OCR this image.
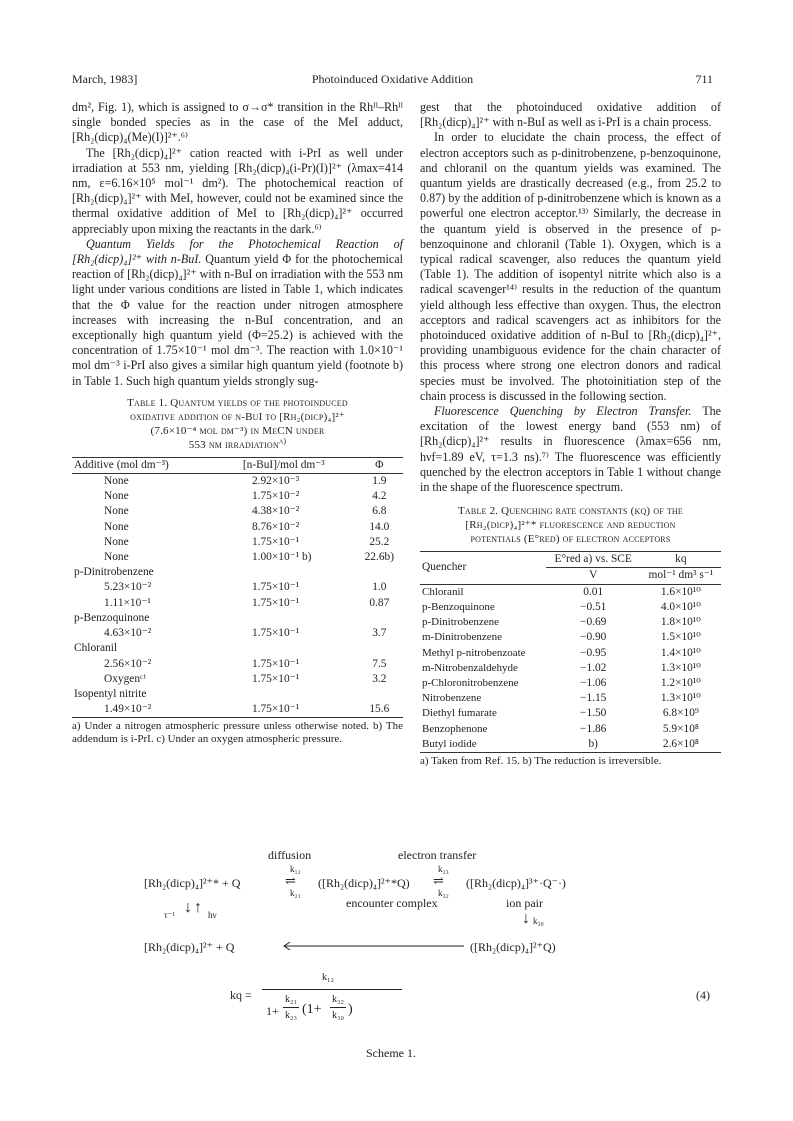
March, 1983]	Photoinduced Oxidative Addition	711

dm², Fig. 1), which is assigned to σ→σ* transition in the Rhᴵᴵ–Rhᴵᴵ single bonded species as in the case of the MeI adduct, [Rh₂(dicp)₄(Me)(I)]²⁺.⁶⁾

The [Rh₂(dicp)₄]²⁺ cation reacted with i-PrI as well under irradiation at 553 nm, yielding [Rh₂(dicp)₄(i-Pr)(I)]²⁺ (λmax=414 nm, ε=6.16×10⁵ mol⁻¹ dm²). The photochemical reaction of [Rh₂(dicp)₄]²⁺ with MeI, however, could not be examined since the thermal oxidative addition of MeI to [Rh₂(dicp)₄]²⁺ occurred appreciably upon mixing the reactants in the dark.⁶⁾

Quantum Yields for the Photochemical Reaction of [Rh₂(dicp)₄]²⁺ with n-BuI. Quantum yield Φ for the photochemical reaction of [Rh₂(dicp)₄]²⁺ with n-BuI on irradiation with the 553 nm light under various conditions are listed in Table 1, which indicates that the Φ value for the reaction under nitrogen atmosphere increases with increasing the n-BuI concentration, and an exceptionally high quantum yield (Φ=25.2) is achieved with the concentration of 1.75×10⁻¹ mol dm⁻³. The reaction with 1.0×10⁻¹ mol dm⁻³ i-PrI also gives a similar high quantum yield (footnote b) in Table 1. Such high quantum yields strongly sug-

Table 1. Quantum yields of the photoinduced

oxidative addition of n-BuI to [Rh₂(dicp)₄]²⁺

(7.6×10⁻⁴ mol dm⁻³) in MeCN under

553 nm irradiation$^{a)}$

Additive (mol dm⁻³)	[n-BuI]/mol dm⁻³	Φ
None	2.92×10⁻³	1.9
None	1.75×10⁻²	4.2
None	4.38×10⁻²	6.8
None	8.76×10⁻²	14.0
None	1.75×10⁻¹	25.2
None	1.00×10⁻¹ b)	22.6b)
p-Dinitrobenzene		
5.23×10⁻²	1.75×10⁻¹	1.0
1.11×10⁻¹	1.75×10⁻¹	0.87
p-Benzoquinone		
4.63×10⁻²	1.75×10⁻¹	3.7
Chloranil		
2.56×10⁻²	1.75×10⁻¹	7.5
Oxygenᶜ⁾	1.75×10⁻¹	3.2
Isopentyl nitrite		
1.49×10⁻²	1.75×10⁻¹	15.6
a) Under a nitrogen atmospheric pressure unless otherwise noted. b) The addendum is i-PrI. c) Under an oxygen atmospheric pressure.

gest that the photoinduced oxidative addition of [Rh₂(dicp)₄]²⁺ with n-BuI as well as i-PrI is a chain process.

In order to elucidate the chain process, the effect of electron acceptors such as p-dinitrobenzene, p-benzoquinone, and chloranil on the quantum yields was examined. The quantum yields are drastically decreased (e.g., from 25.2 to 0.87) by the addition of p-dinitrobenzene which is known as a powerful one electron acceptor.¹³⁾ Similarly, the decrease in the quantum yield is observed in the presence of p-benzoquinone and chloranil (Table 1). Oxygen, which is a typical radical scavenger, also reduces the quantum yield (Table 1). The addition of isopentyl nitrite which also is a radical scavenger¹⁴⁾ results in the reduction of the quantum yield although less effective than oxygen. Thus, the electron acceptors and radical scavengers act as inhibitors for the photoinduced oxidative addition of n-BuI to [Rh₂(dicp)₄]²⁺, providing unambiguous evidence for the chain character of this process where strong one electron donors and radical species must be involved. The photoinitiation step of the chain process is discussed in the following section.

Fluorescence Quenching by Electron Transfer. The excitation of the lowest energy band (553 nm) of [Rh₂(dicp)₄]²⁺ results in fluorescence (λmax=656 nm, hνf=1.89 eV, τ=1.3 ns).⁷⁾ The fluorescence was efficiently quenched by the electron acceptors in Table 1 without change in the shape of the fluorescence spectrum.

Table 2. Quenching rate constants (kq) of the

[Rh₂(dicp)₄]²⁺* fluorescence and reduction

potentials (E°red) of electron acceptors

Quencher	E°red a) vs. SCE	kq
	V	mol⁻¹ dm³ s⁻¹
Chloranil	0.01	1.6×10¹⁰
p-Benzoquinone	−0.51	4.0×10¹⁰
p-Dinitrobenzene	−0.69	1.8×10¹⁰
m-Dinitrobenzene	−0.90	1.5×10¹⁰
Methyl p-nitrobenzoate	−0.95	1.4×10¹⁰
m-Nitrobenzaldehyde	−1.02	1.3×10¹⁰
p-Chloronitrobenzene	−1.06	1.2×10¹⁰
Nitrobenzene	−1.15	1.3×10¹⁰
Diethyl fumarate	−1.50	6.8×10⁹
Benzophenone	−1.86	5.9×10⁸
Butyl iodide	b)	2.6×10⁸
a) Taken from Ref. 15. b) The reduction is irreversible.
diffusion	electron transfer
[Rh₂(dicp)₄]²⁺* + Q
k₁₂
k₂₁
⇌ ([Rh₂(dicp)₄]²⁺*Q)
k₂₃
k₃₂
⇌ ([Rh₂(dicp)₄]³⁺·Q⁻·)
encounter complex	ion pair
τ⁻¹ ↓ ↑ hν	↓ k₃₀
[Rh₂(dicp)₄]²⁺ + Q	([Rh₂(dicp)₄]²⁺Q)
kq =
k₁₂
1+
k₂₁
k₂₃ (1+
k₃₂
k₃₀ )
(4)
Scheme 1.
